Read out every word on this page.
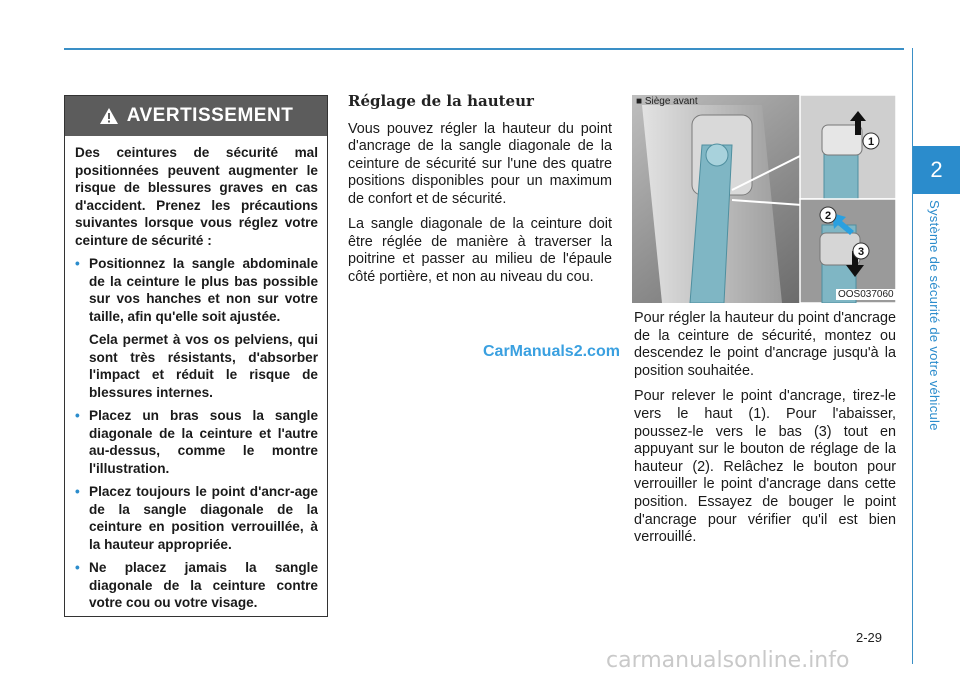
2
Système de sécurité de votre véhicule
AVERTISSEMENT

Des ceintures de sécurité mal positionnées peuvent augmenter le risque de blessures graves en cas d'accident. Prenez les précautions suivantes lorsque vous réglez votre ceinture de sécurité :

• Positionnez la sangle abdominale de la ceinture le plus bas possible sur vos hanches et non sur votre taille, afin qu'elle soit ajustée.

Cela permet à vos os pelviens, qui sont très résistants, d'absorber l'impact et réduit le risque de blessures internes.

• Placez un bras sous la sangle diagonale de la ceinture et l'autre au-dessus, comme le montre l'illustration.
• Placez toujours le point d'ancr-age de la sangle diagonale de la ceinture en position verrouillée, à la hauteur appropriée.
• Ne placez jamais la sangle diagonale de la ceinture contre votre cou ou votre visage.
Réglage de la hauteur

Vous pouvez régler la hauteur du point d'ancrage de la sangle diagonale de la ceinture de sécurité sur l'une des quatre positions disponibles pour un maximum de confort et de sécurité.

La sangle diagonale de la ceinture doit être réglée de manière à traverser la poitrine et passer au milieu de l'épaule côté portière, et non au niveau du cou.

CarManuals2.com
1
2
3
■ Siège avant
OOS037060

Pour régler la hauteur du point d'ancrage de la ceinture de sécurité, montez ou descendez le point d'ancrage jusqu'à la position souhaitée.

Pour relever le point d'ancrage, tirez-le vers le haut (1). Pour l'abaisser, poussez-le vers le bas (3) tout en appuyant sur le bouton de réglage de la hauteur (2). Relâchez le bouton pour verrouiller le point d'ancrage dans cette position. Essayez de bouger le point d'ancrage pour vérifier qu'il est bien verrouillé.

2-29
carmanualsonline.info
